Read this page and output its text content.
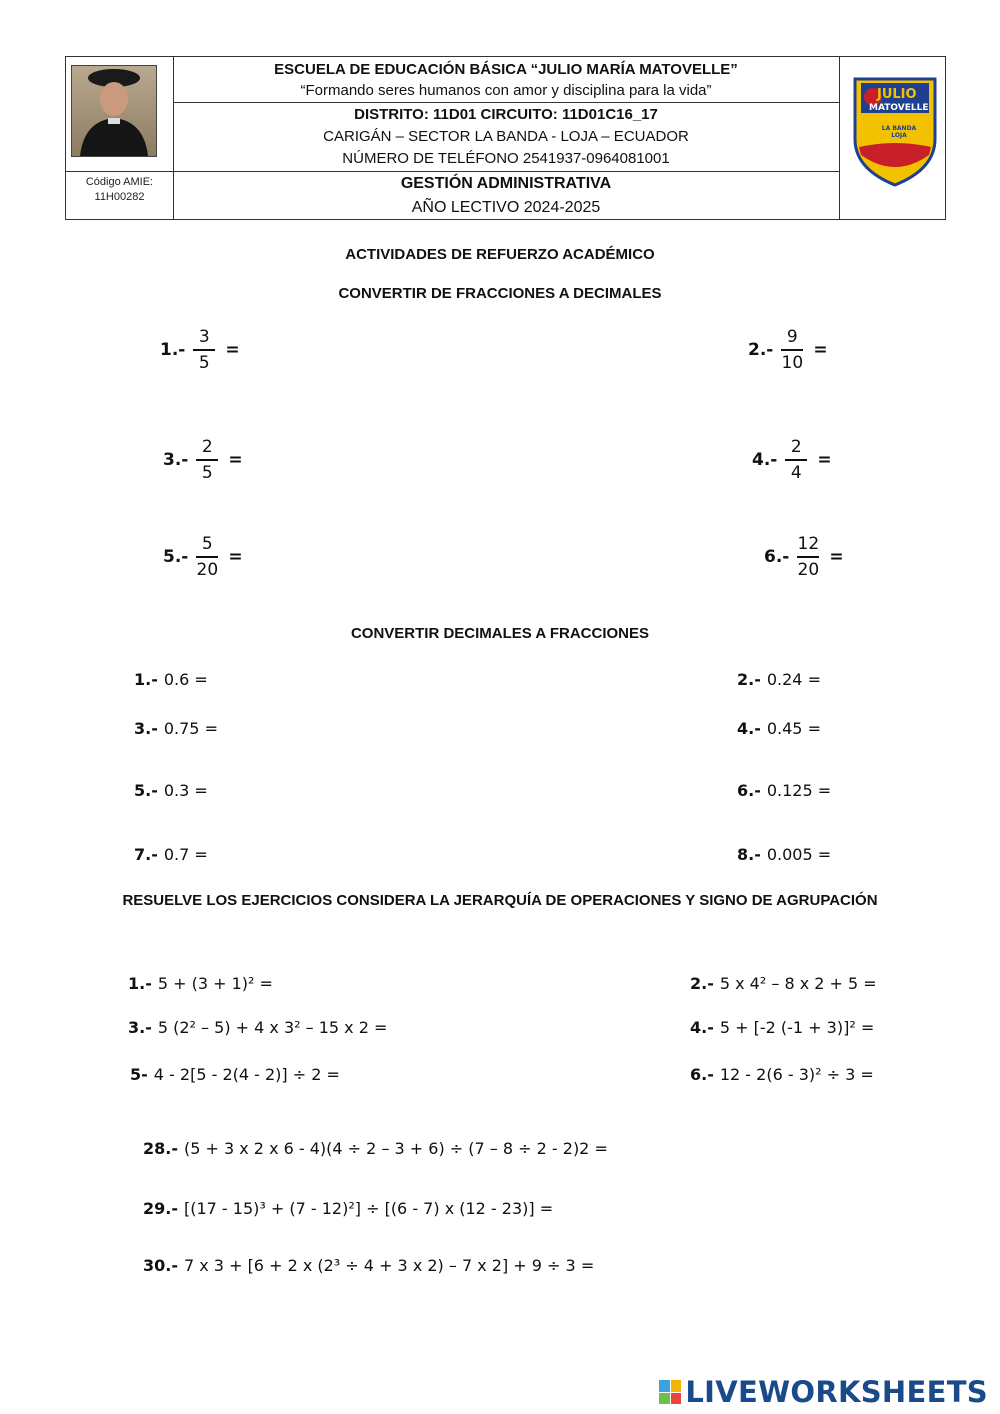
Código AMIE:
11H00282
ESCUELA DE EDUCACIÓN BÁSICA “JULIO MARÍA MATOVELLE”
“Formando seres humanos con amor y disciplina para la vida”
DISTRITO: 11D01 CIRCUITO: 11D01C16_17
CARIGÁN – SECTOR LA BANDA - LOJA – ECUADOR
NÚMERO DE TELÉFONO 2541937-0964081001
GESTIÓN ADMINISTRATIVA
AÑO LECTIVO 2024-2025
JULIO
MATOVELLE
LA BANDA LOJA
ACTIVIDADES DE REFUERZO ACADÉMICO
CONVERTIR DE FRACCIONES A DECIMALES
$1.- \frac{3}{5}$ =	$2.- \frac{9}{10}$ =
$3.- \frac{2}{5}$ =	$4.- \frac{2}{4}$ =
$5.- \frac{5}{20}$ =	$6.- \frac{12}{20}$ =
CONVERTIR DECIMALES A FRACCIONES
1.- 0.6 =	2.- 0.24 =
3.- 0.75 =	4.- 0.45 =
5.- 0.3 =	6.- 0.125 =
7.- 0.7 =	8.- 0.005 =
RESUELVE LOS EJERCICIOS CONSIDERA LA JERARQUÍA DE OPERACIONES Y SIGNO DE AGRUPACIÓN
1.- 5 + (3 + 1)² =	2.- 5 x 4² – 8 x 2 + 5 =
3.- 5 (2² – 5) + 4 x 3² – 15 x 2 =	4.- 5 + [-2 (-1 + 3)]² =
5- 4 - 2[5 - 2(4 - 2)] ÷ 2 =	6.- 12 - 2(6 - 3)² ÷ 3 =
28.- (5 + 3 x 2 x 6 - 4)(4 ÷ 2 – 3 + 6) ÷ (7 – 8 ÷ 2 - 2)2 =
29.- [(17 - 15)³ + (7 - 12)²] ÷ [(6 - 7) x (12 - 23)] =
30.- 7 x 3 + [6 + 2 x (2³ ÷ 4 + 3 x 2) – 7 x 2] + 9 ÷ 3 =
LIVEWORKSHEETS
